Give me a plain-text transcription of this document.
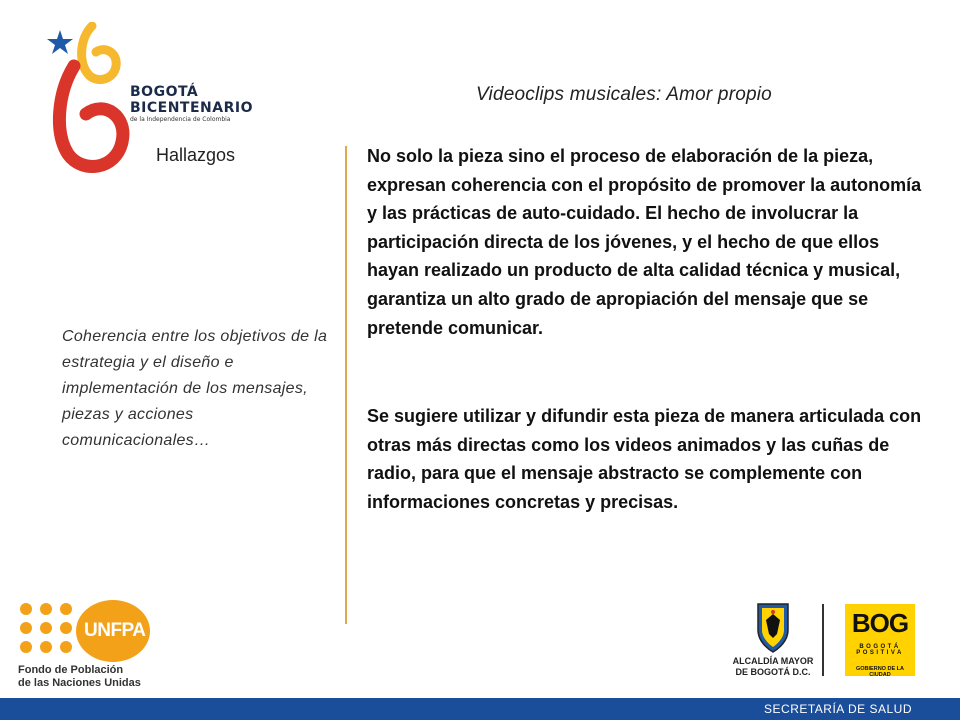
BOGOTÁ
BICENTENARIO
de la Independencia de Colombia
Hallazgos
Coherencia entre los objetivos de la estrategia y el diseño e implementación de los mensajes, piezas y acciones comunicacionales…
Videoclips musicales: Amor propio
No solo la pieza sino el proceso de elaboración de la pieza, expresan coherencia con el propósito de promover la autonomía y las prácticas de auto-cuidado. El hecho de involucrar la participación directa de los jóvenes, y el hecho de que ellos hayan realizado un producto de alta calidad técnica y musical, garantiza un alto grado de apropiación del mensaje que se pretende comunicar.
Se sugiere utilizar y difundir esta pieza de manera articulada con otras más directas como los videos animados y las cuñas de radio, para que el mensaje abstracto se complemente con informaciones concretas y precisas.
UNFPA
Fondo de Población
de las Naciones Unidas
ALCALDÍA MAYOR
DE BOGOTÁ D.C.
BOG
BOGOTÁ POSITIVA
GOBIERNO DE LA CIUDAD
SECRETARÍA DE SALUD
